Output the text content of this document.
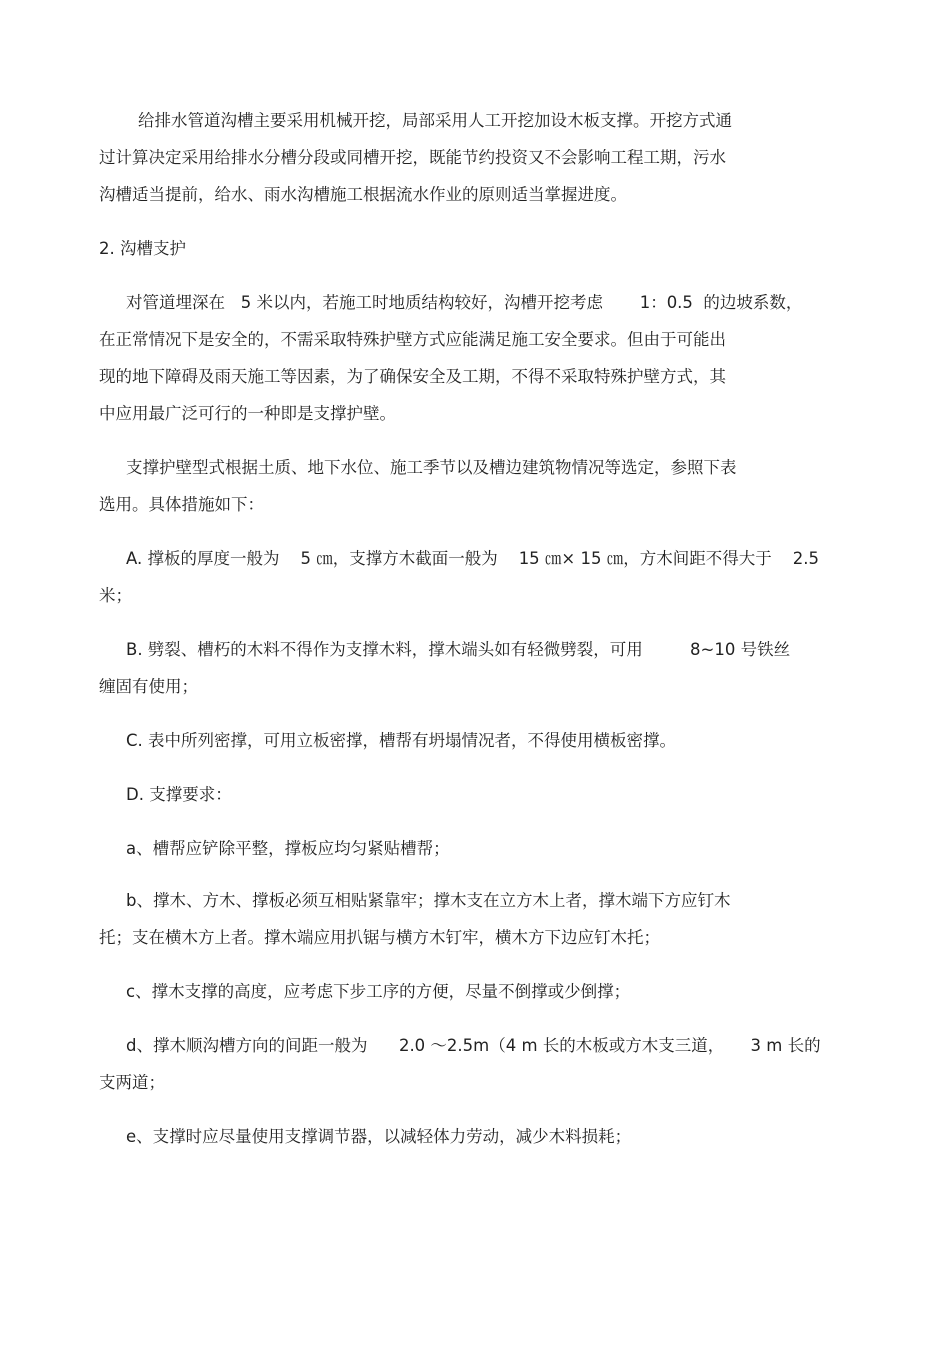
给排水管道沟槽主要采用机械开挖，局部采用人工开挖加设木板支撑。开挖方式通
过计算决定采用给排水分槽分段或同槽开挖，既能节约投资又不会影响工程工期，污水
沟槽适当提前，给水、雨水沟槽施工根据流水作业的原则适当掌握进度。
2. 沟槽支护
对管道埋深在   5 米以内，若施工时地质结构较好，沟槽开挖考虑       1：0.5  的边坡系数，
在正常情况下是安全的，不需采取特殊护壁方式应能满足施工安全要求。但由于可能出
现的地下障碍及雨天施工等因素，为了确保安全及工期，不得不采取特殊护壁方式，其
中应用最广泛可行的一种即是支撑护壁。
支撑护壁型式根据土质、地下水位、施工季节以及槽边建筑物情况等选定，参照下表
选用。具体措施如下：
A. 撑板的厚度一般为    5 ㎝，支撑方木截面一般为    15 ㎝× 15 ㎝，方木间距不得大于    2.5
米；
B. 劈裂、槽朽的木料不得作为支撑木料，撑木端头如有轻微劈裂，可用         8~10 号铁丝
缠固有使用；
C. 表中所列密撑，可用立板密撑，槽帮有坍塌情况者，不得使用横板密撑。
D. 支撑要求：
a、槽帮应铲除平整，撑板应均匀紧贴槽帮；
b、撑木、方木、撑板必须互相贴紧靠牢；撑木支在立方木上者，撑木端下方应钉木
托；支在横木方上者。撑木端应用扒锯与横方木钉牢，横木方下边应钉木托；
c、撑木支撑的高度，应考虑下步工序的方便，尽量不倒撑或少倒撑；
d、撑木顺沟槽方向的间距一般为      2.0 ～2.5m（4 m 长的木板或方木支三道，     3 m 长的
支两道；
e、支撑时应尽量使用支撑调节器，以减轻体力劳动，减少木料损耗；
